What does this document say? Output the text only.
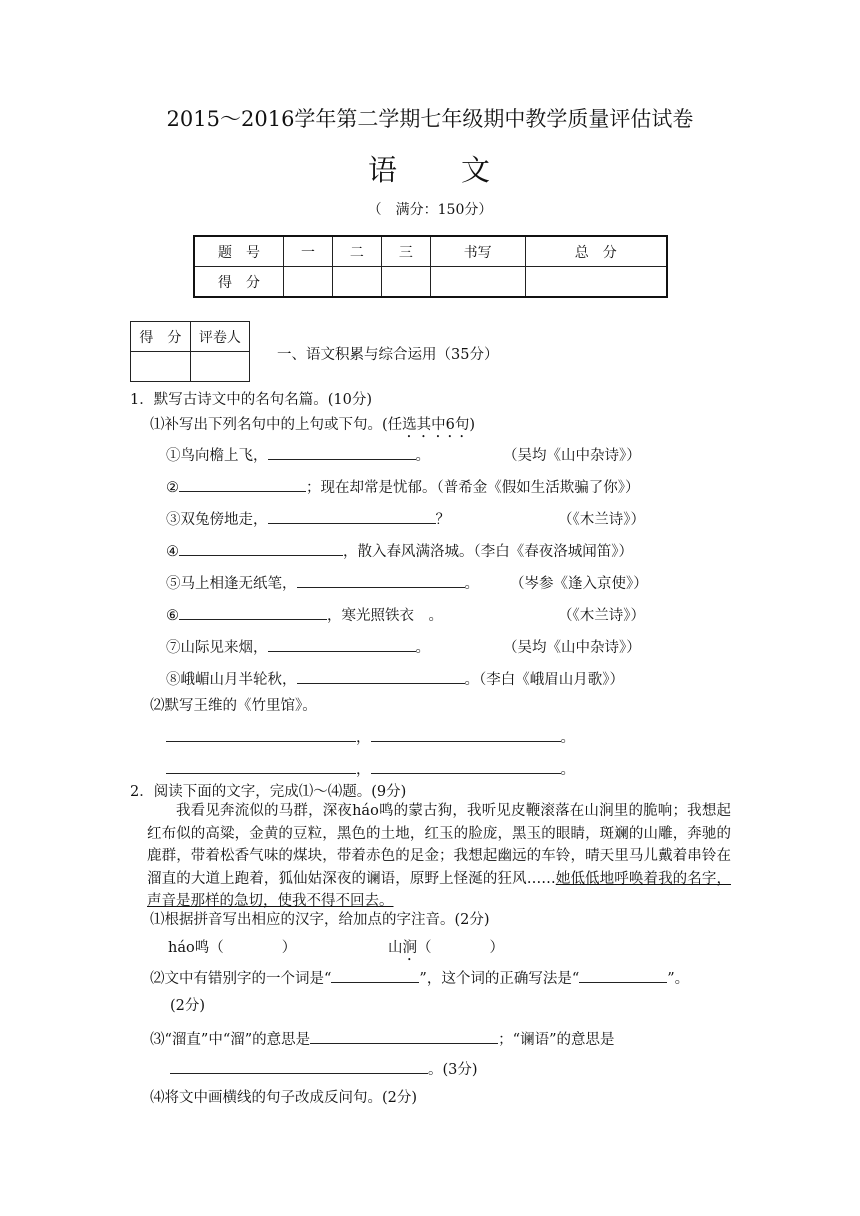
2015～2016学年第二学期七年级期中教学质量评估试卷
语 文
（　满分：150分）
题　号	一	二	三	书写	总　分
得　分					
得　分	评卷人

一、语文积累与综合运用（35分）
1．默写古诗文中的名句名篇。(10分)
⑴补写出下列名句中的上句或下句。(任选其中6句)
①鸟向檐上飞，	。	（吴均《山中杂诗》）
②	；现在却常是忧郁。（普希金《假如生活欺骗了你》）
③双兔傍地走，	？	（《木兰诗》）
④	，散入春风满洛城。（李白《春夜洛城闻笛》）
⑤马上相逢无纸笔，	。 （岑参《逢入京使》）
⑥	，寒光照铁衣　。	（《木兰诗》）
⑦山际见来烟，	。	（吴均《山中杂诗》）
⑧峨嵋山月半轮秋，	。（李白《峨眉山月歌》）
⑵默写王维的《竹里馆》。
，	。
，	。
2．阅读下面的文字，完成⑴～⑷题。(9分)
我看见奔流似的马群，深夜háo鸣的蒙古狗，我听见皮鞭滚落在山涧里的脆响；我想起红布似的高粱，金黄的豆粒，黑色的土地，红玉的脸庞，黑玉的眼睛，斑斓的山雕，奔驰的鹿群，带着松香气味的煤块，带着赤色的足金；我想起幽远的车铃，晴天里马儿戴着串铃在溜直的大道上跑着，狐仙姑深夜的谰语，原野上怪涎的狂风……她低低地呼唤着我的名字，声音是那样的急切，使我不得不回去。
⑴根据拼音写出相应的汉字，给加点的字注音。(2分)
háo鸣（　　　　）	山涧（　　　　）
⑵文中有错别字的一个词是“	”，这个词的正确写法是“	”。
(2分)
⑶“溜直”中“溜”的意思是	；“谰语”的意思是
。(3分)
⑷将文中画横线的句子改成反问句。(2分)
